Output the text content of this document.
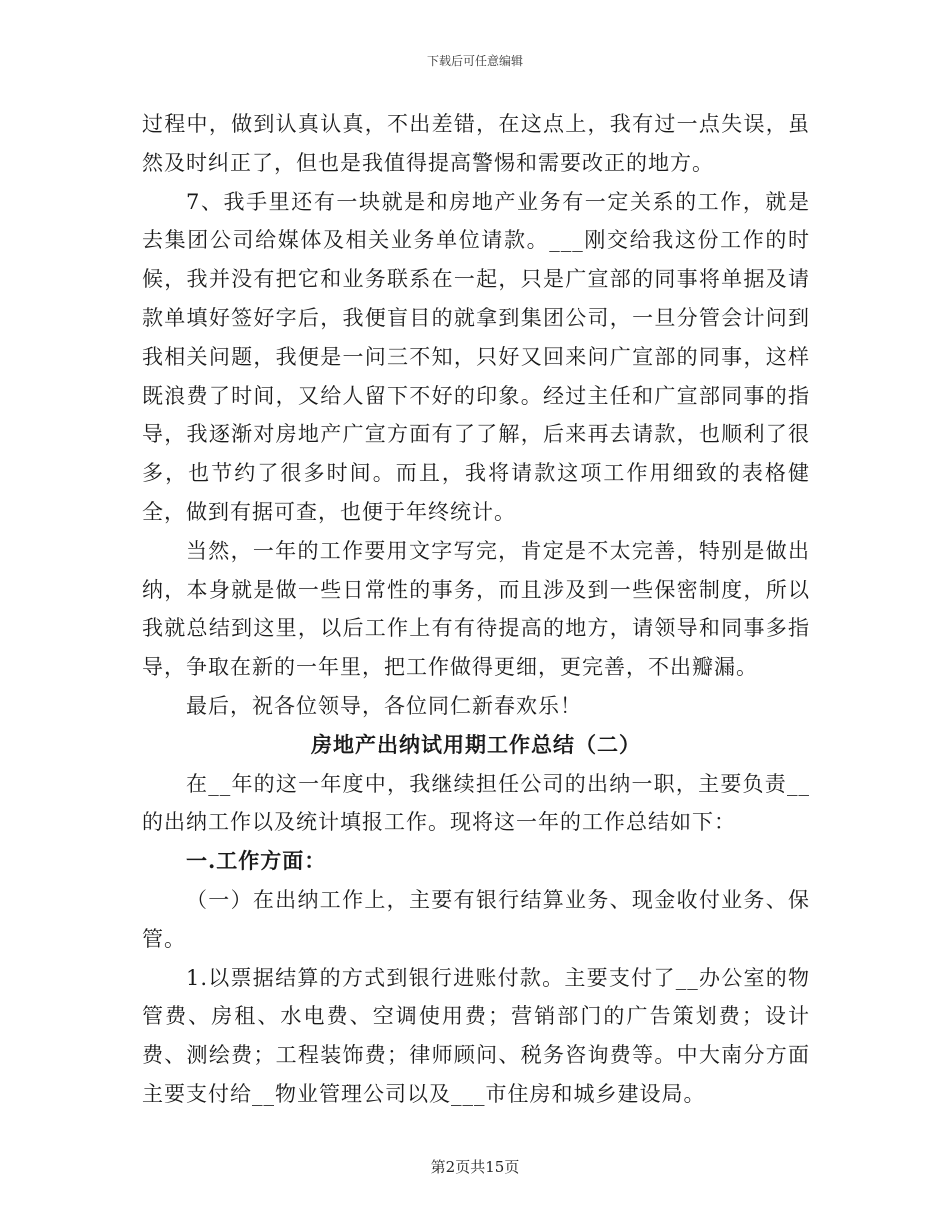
下载后可任意编辑

过程中，做到认真认真，不出差错，在这点上，我有过一点失误，虽然及时纠正了，但也是我值得提高警惕和需要改正的地方。

7、我手里还有一块就是和房地产业务有一定关系的工作，就是去集团公司给媒体及相关业务单位请款。___刚交给我这份工作的时候，我并没有把它和业务联系在一起，只是广宣部的同事将单据及请款单填好签好字后，我便盲目的就拿到集团公司，一旦分管会计问到我相关问题，我便是一问三不知，只好又回来问广宣部的同事，这样既浪费了时间，又给人留下不好的印象。经过主任和广宣部同事的指导，我逐渐对房地产广宣方面有了了解，后来再去请款，也顺利了很多，也节约了很多时间。而且，我将请款这项工作用细致的表格健全，做到有据可查，也便于年终统计。

当然，一年的工作要用文字写完，肯定是不太完善，特别是做出纳，本身就是做一些日常性的事务，而且涉及到一些保密制度，所以我就总结到这里，以后工作上有有待提高的地方，请领导和同事多指导，争取在新的一年里，把工作做得更细，更完善，不出瓣漏。

最后，祝各位领导，各位同仁新春欢乐！

房地产出纳试用期工作总结（二）

在__年的这一年度中，我继续担任公司的出纳一职，主要负责__的出纳工作以及统计填报工作。现将这一年的工作总结如下：

一.工作方面：

（一）在出纳工作上，主要有银行结算业务、现金收付业务、保管。

1.以票据结算的方式到银行进账付款。主要支付了__办公室的物管费、房租、水电费、空调使用费；营销部门的广告策划费；设计费、测绘费；工程装饰费；律师顾问、税务咨询费等。中大南分方面主要支付给__物业管理公司以及___市住房和城乡建设局。

第2页共15页
